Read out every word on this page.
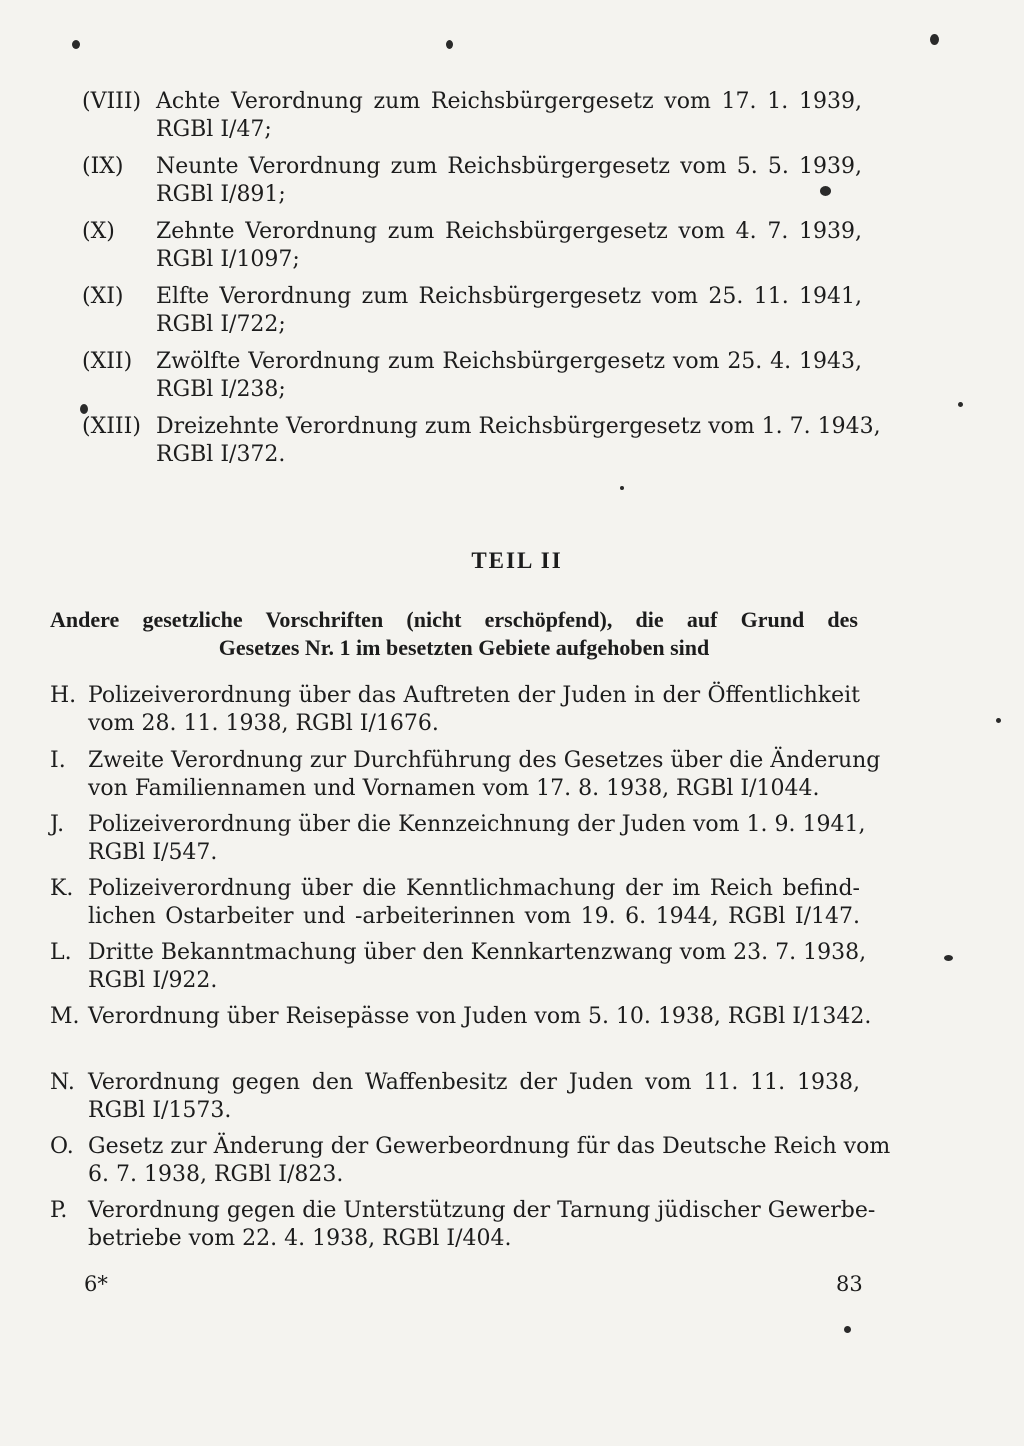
(VIII) Achte Verordnung zum Reichsbürgergesetz vom 17. 1. 1939,
RGBl I/47;
(IX)	Neunte Verordnung zum Reichsbürgergesetz vom 5. 5. 1939,
RGBl I/891;
(X)	Zehnte Verordnung zum Reichsbürgergesetz vom 4. 7. 1939,
RGBl I/1097;
(XI)	Elfte Verordnung zum Reichsbürgergesetz vom 25. 11. 1941,
RGBl I/722;
(XII)	Zwölfte Verordnung zum Reichsbürgergesetz vom 25. 4. 1943,
RGBl I/238;
(XIII) Dreizehnte Verordnung zum Reichsbürgergesetz vom 1. 7. 1943,
RGBl I/372.
TEIL II
Andere gesetzliche Vorschriften (nicht erschöpfend), die auf Grund des
Gesetzes Nr. 1 im besetzten Gebiete aufgehoben sind
H. Polizeiverordnung über das Auftreten der Juden in der Öffentlichkeit
vom 28. 11. 1938, RGBl I/1676.
I.	Zweite Verordnung zur Durchführung des Gesetzes über die Änderung
von Familiennamen und Vornamen vom 17. 8. 1938, RGBl I/1044.
J.	Polizeiverordnung über die Kennzeichnung der Juden vom 1. 9. 1941,
RGBl I/547.
K. Polizeiverordnung über die Kenntlichmachung der im Reich befind-
lichen Ostarbeiter und -arbeiterinnen vom 19. 6. 1944, RGBl I/147.
L. Dritte Bekanntmachung über den Kennkartenzwang vom 23. 7. 1938,
RGBl I/922.
M. Verordnung über Reisepässe von Juden vom 5. 10. 1938, RGBl I/1342.
N. Verordnung gegen den Waffenbesitz der Juden vom 11. 11. 1938,
RGBl I/1573.
O. Gesetz zur Änderung der Gewerbeordnung für das Deutsche Reich vom
6. 7. 1938, RGBl I/823.
P. Verordnung gegen die Unterstützung der Tarnung jüdischer Gewerbe-
betriebe vom 22. 4. 1938, RGBl I/404.
6*	83
